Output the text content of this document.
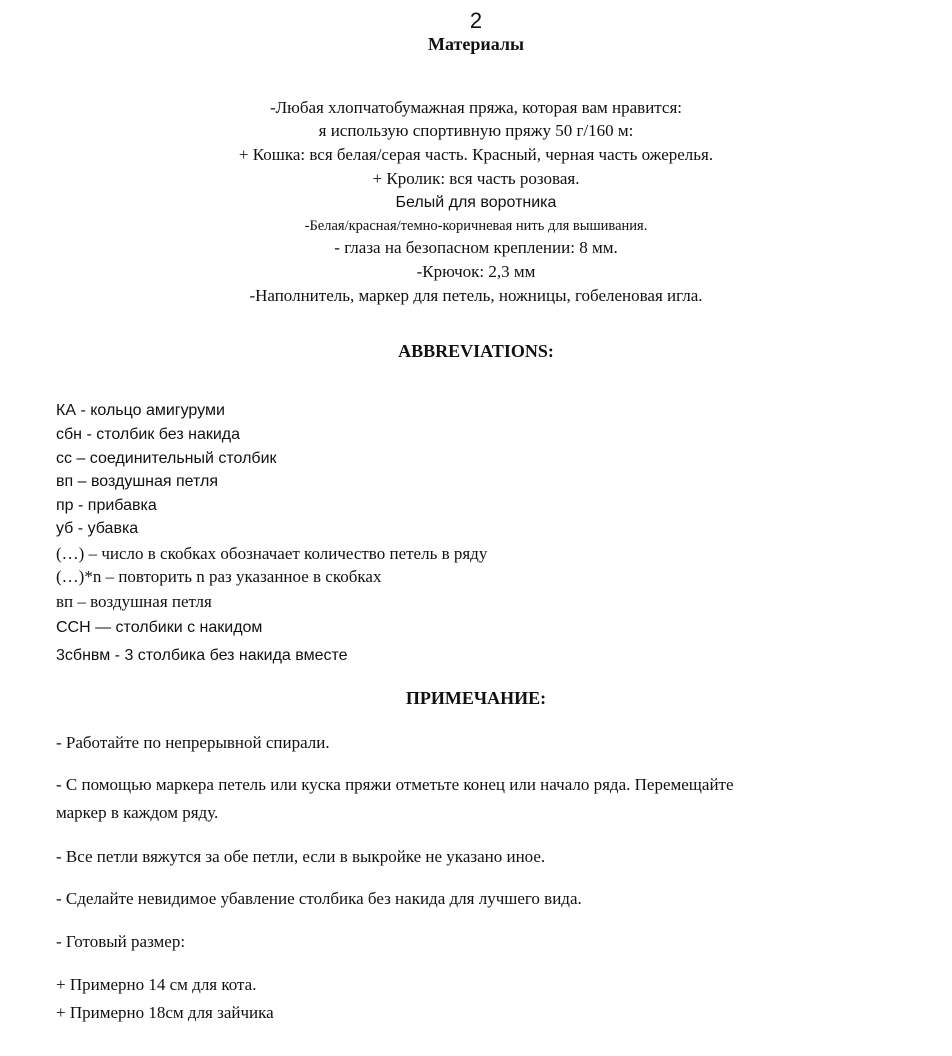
2
Материалы
-Любая хлопчатобумажная пряжа, которая вам нравится:
я использую спортивную пряжу 50 г/160 м:
+ Кошка: вся белая/серая часть. Красный, черная часть ожерелья.
+ Кролик: вся часть розовая.
Белый для воротника
-Белая/красная/темно-коричневая нить для вышивания.
- глаза на безопасном креплении: 8 мм.
-Крючок: 2,3 мм
-Наполнитель, маркер для петель, ножницы, гобеленовая игла.
ABBREVIATIONS:
КА - кольцо амигуруми
сбн - столбик без накида
сс – соединительный столбик
вп – воздушная петля
пр - прибавка
уб - убавка
(…) – число в скобках обозначает количество петель в ряду
(…)*n – повторить n раз указанное в скобках
вп – воздушная петля
ССН — столбики с накидом
3сбнвм - 3 столбика без накида вместе
ПРИМЕЧАНИЕ:
- Работайте по непрерывной спирали.
- С помощью маркера петель или куска пряжи отметьте конец или начало ряда. Перемещайте
маркер в каждом ряду.
- Все петли вяжутся за обе петли, если в выкройке не указано иное.
- Сделайте невидимое убавление столбика без накида для лучшего вида.
- Готовый размер:
+ Примерно 14 см для кота.
+ Примерно 18см для зайчика
